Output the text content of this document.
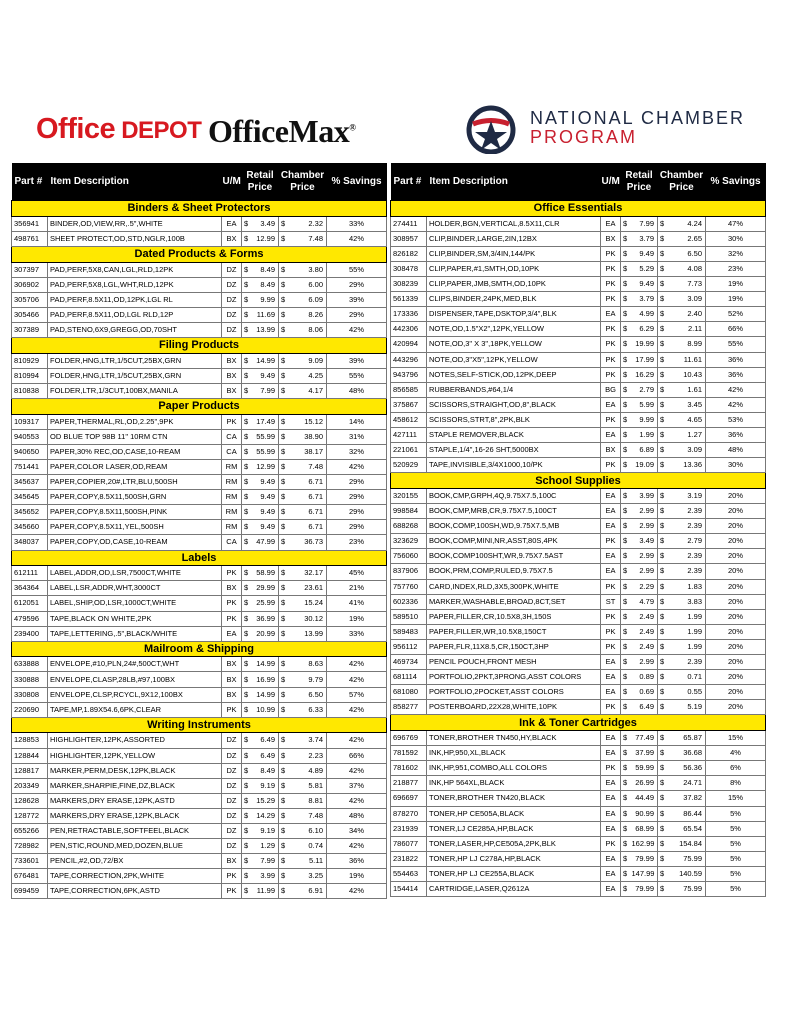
Office DEPOT OfficeMax®	NATIONAL CHAMBER
PROGRAM
Part #	Item Description	U/M	Retail Price		Chamber Price		% Savings
Binders & Sheet Protectors							
356941	BINDER,OD,VIEW,RR,.5",WHITE	EA	$	3.49	$	2.32	33%
498761	SHEET PROTECT,OD,STD,NGLR,100B	BX	$	12.99	$	7.48	42%
Dated Products & Forms							
307397	PAD,PERF,5X8,CAN,LGL,RLD,12PK	DZ	$	8.49	$	3.80	55%
306902	PAD,PERF,5X8,LGL,WHT,RLD,12PK	DZ	$	8.49	$	6.00	29%
305706	PAD,PERF,8.5X11,OD,12PK,LGL RL	DZ	$	9.99	$	6.09	39%
305466	PAD,PERF,8.5X11,OD,LGL RLD,12P	DZ	$	11.69	$	8.26	29%
307389	PAD,STENO,6X9,GREGG,OD,70SHT	DZ	$	13.99	$	8.06	42%
Filing Products							
810929	FOLDER,HNG,LTR,1/5CUT,25BX,GRN	BX	$	14.99	$	9.09	39%
810994	FOLDER,HNG,LTR,1/5CUT,25BX,GRN	BX	$	9.49	$	4.25	55%
810838	FOLDER,LTR,1/3CUT,100BX,MANILA	BX	$	7.99	$	4.17	48%
Paper Products							
109317	PAPER,THERMAL,RL,OD,2.25",9PK	PK	$	17.49	$	15.12	14%
940553	OD BLUE TOP 98B 11" 10RM CTN	CA	$	55.99	$	38.90	31%
940650	PAPER,30% REC,OD,CASE,10-REAM	CA	$	55.99	$	38.17	32%
751441	PAPER,COLOR LASER,OD,REAM	RM	$	12.99	$	7.48	42%
345637	PAPER,COPIER,20#,LTR,BLU,500SH	RM	$	9.49	$	6.71	29%
345645	PAPER,COPY,8.5X11,500SH,GRN	RM	$	9.49	$	6.71	29%
345652	PAPER,COPY,8.5X11,500SH,PINK	RM	$	9.49	$	6.71	29%
345660	PAPER,COPY,8.5X11,YEL,500SH	RM	$	9.49	$	6.71	29%
348037	PAPER,COPY,OD,CASE,10-REAM	CA	$	47.99	$	36.73	23%
Labels							
612111	LABEL,ADDR,OD,LSR,7500CT,WHITE	PK	$	58.99	$	32.17	45%
364364	LABEL,LSR,ADDR,WHT,3000CT	BX	$	29.99	$	23.61	21%
612051	LABEL,SHIP,OD,LSR,1000CT,WHITE	PK	$	25.99	$	15.24	41%
479596	TAPE,BLACK ON WHITE,2PK	PK	$	36.99	$	30.12	19%
239400	TAPE,LETTERING,.5",BLACK/WHITE	EA	$	20.99	$	13.99	33%
Mailroom & Shipping							
633888	ENVELOPE,#10,PLN,24#,500CT,WHT	BX	$	14.99	$	8.63	42%
330888	ENVELOPE,CLASP,28LB,#97,100BX	BX	$	16.99	$	9.79	42%
330808	ENVELOPE,CLSP,RCYCL,9X12,100BX	BX	$	14.99	$	6.50	57%
220690	TAPE,MP,1.89X54.6,6PK,CLEAR	PK	$	10.99	$	6.33	42%
Writing Instruments							
128853	HIGHLIGHTER,12PK,ASSORTED	DZ	$	6.49	$	3.74	42%
128844	HIGHLIGHTER,12PK,YELLOW	DZ	$	6.49	$	2.23	66%
128817	MARKER,PERM,DESK,12PK,BLACK	DZ	$	8.49	$	4.89	42%
203349	MARKER,SHARPIE,FINE,DZ,BLACK	DZ	$	9.19	$	5.81	37%
128628	MARKERS,DRY ERASE,12PK,ASTD	DZ	$	15.29	$	8.81	42%
128772	MARKERS,DRY ERASE,12PK,BLACK	DZ	$	14.29	$	7.48	48%
655266	PEN,RETRACTABLE,SOFTFEEL,BLACK	DZ	$	9.19	$	6.10	34%
728982	PEN,STIC,ROUND,MED,DOZEN,BLUE	DZ	$	1.29	$	0.74	42%
733601	PENCIL,#2,OD,72/BX	BX	$	7.99	$	5.11	36%
676481	TAPE,CORRECTION,2PK,WHITE	PK	$	3.99	$	3.25	19%
699459	TAPE,CORRECTION,6PK,ASTD	PK	$	11.99	$	6.91	42%
Part #	Item Description	U/M	Retail Price		Chamber Price		% Savings
Office Essentials							
274411	HOLDER,BGN,VERTICAL,8.5X11,CLR	EA	$	7.99	$	4.24	47%
308957	CLIP,BINDER,LARGE,2IN,12BX	BX	$	3.79	$	2.65	30%
826182	CLIP,BINDER,SM,3/4IN,144/PK	PK	$	9.49	$	6.50	32%
308478	CLIP,PAPER,#1,SMTH,OD,10PK	PK	$	5.29	$	4.08	23%
308239	CLIP,PAPER,JMB,SMTH,OD,10PK	PK	$	9.49	$	7.73	19%
561339	CLIPS,BINDER,24PK,MED,BLK	PK	$	3.79	$	3.09	19%
173336	DISPENSER,TAPE,DSKTOP,3/4",BLK	EA	$	4.99	$	2.40	52%
442306	NOTE,OD,1.5"X2",12PK,YELLOW	PK	$	6.29	$	2.11	66%
420994	NOTE,OD,3" X 3",18PK,YELLOW	PK	$	19.99	$	8.99	55%
443296	NOTE,OD,3"X5",12PK,YELLOW	PK	$	17.99	$	11.61	36%
943796	NOTES,SELF-STICK,OD,12PK,DEEP	PK	$	16.29	$	10.43	36%
856585	RUBBERBANDS,#64,1/4	BG	$	2.79	$	1.61	42%
375867	SCISSORS,STRAIGHT,OD,8",BLACK	EA	$	5.99	$	3.45	42%
458612	SCISSORS,STRT,8",2PK,BLK	PK	$	9.99	$	4.65	53%
427111	STAPLE REMOVER,BLACK	EA	$	1.99	$	1.27	36%
221061	STAPLE,1/4",16-26 SHT,5000BX	BX	$	6.89	$	3.09	48%
520929	TAPE,INVISIBLE,3/4X1000,10/PK	PK	$	19.09	$	13.36	30%
School Supplies							
320155	BOOK,CMP,GRPH,4Q,9.75X7.5,100C	EA	$	3.99	$	3.19	20%
998584	BOOK,CMP,MRB,CR,9.75X7.5,100CT	EA	$	2.99	$	2.39	20%
688268	BOOK,COMP,100SH,WD,9.75X7.5,MB	EA	$	2.99	$	2.39	20%
323629	BOOK,COMP,MINI,NR,ASST,80S,4PK	PK	$	3.49	$	2.79	20%
756060	BOOK,COMP100SHT,WR,9.75X7.5AST	EA	$	2.99	$	2.39	20%
837906	BOOK,PRM,COMP,RULED,9.75X7.5	EA	$	2.99	$	2.39	20%
757760	CARD,INDEX,RLD,3X5,300PK,WHITE	PK	$	2.29	$	1.83	20%
602336	MARKER,WASHABLE,BROAD,8CT,SET	ST	$	4.79	$	3.83	20%
589510	PAPER,FILLER,CR,10.5X8,3H,150S	PK	$	2.49	$	1.99	20%
589483	PAPER,FILLER,WR,10.5X8,150CT	PK	$	2.49	$	1.99	20%
956112	PAPER,FLR,11X8.5,CR,150CT,3HP	PK	$	2.49	$	1.99	20%
469734	PENCIL POUCH,FRONT MESH	EA	$	2.99	$	2.39	20%
681114	PORTFOLIO,2PKT,3PRONG,ASST COLORS	EA	$	0.89	$	0.71	20%
681080	PORTFOLIO,2POCKET,ASST COLORS	EA	$	0.69	$	0.55	20%
858277	POSTERBOARD,22X28,WHITE,10PK	PK	$	6.49	$	5.19	20%
Ink & Toner Cartridges							
696769	TONER,BROTHER TN450,HY,BLACK	EA	$	77.49	$	65.87	15%
781592	INK,HP,950,XL,BLACK	EA	$	37.99	$	36.68	4%
781602	INK,HP,951,COMBO,ALL COLORS	PK	$	59.99	$	56.36	6%
218877	INK,HP 564XL,BLACK	EA	$	26.99	$	24.71	8%
696697	TONER,BROTHER TN420,BLACK	EA	$	44.49	$	37.82	15%
878270	TONER,HP CE505A,BLACK	EA	$	90.99	$	86.44	5%
231939	TONER,LJ CE285A,HP,BLACK	EA	$	68.99	$	65.54	5%
786077	TONER,LASER,HP,CE505A,2PK,BLK	PK	$	162.99	$	154.84	5%
231822	TONER,HP LJ C278A,HP,BLACK	EA	$	79.99	$	75.99	5%
554463	TONER,HP LJ CE255A,BLACK	EA	$	147.99	$	140.59	5%
154414	CARTRIDGE,LASER,Q2612A	EA	$	79.99	$	75.99	5%
